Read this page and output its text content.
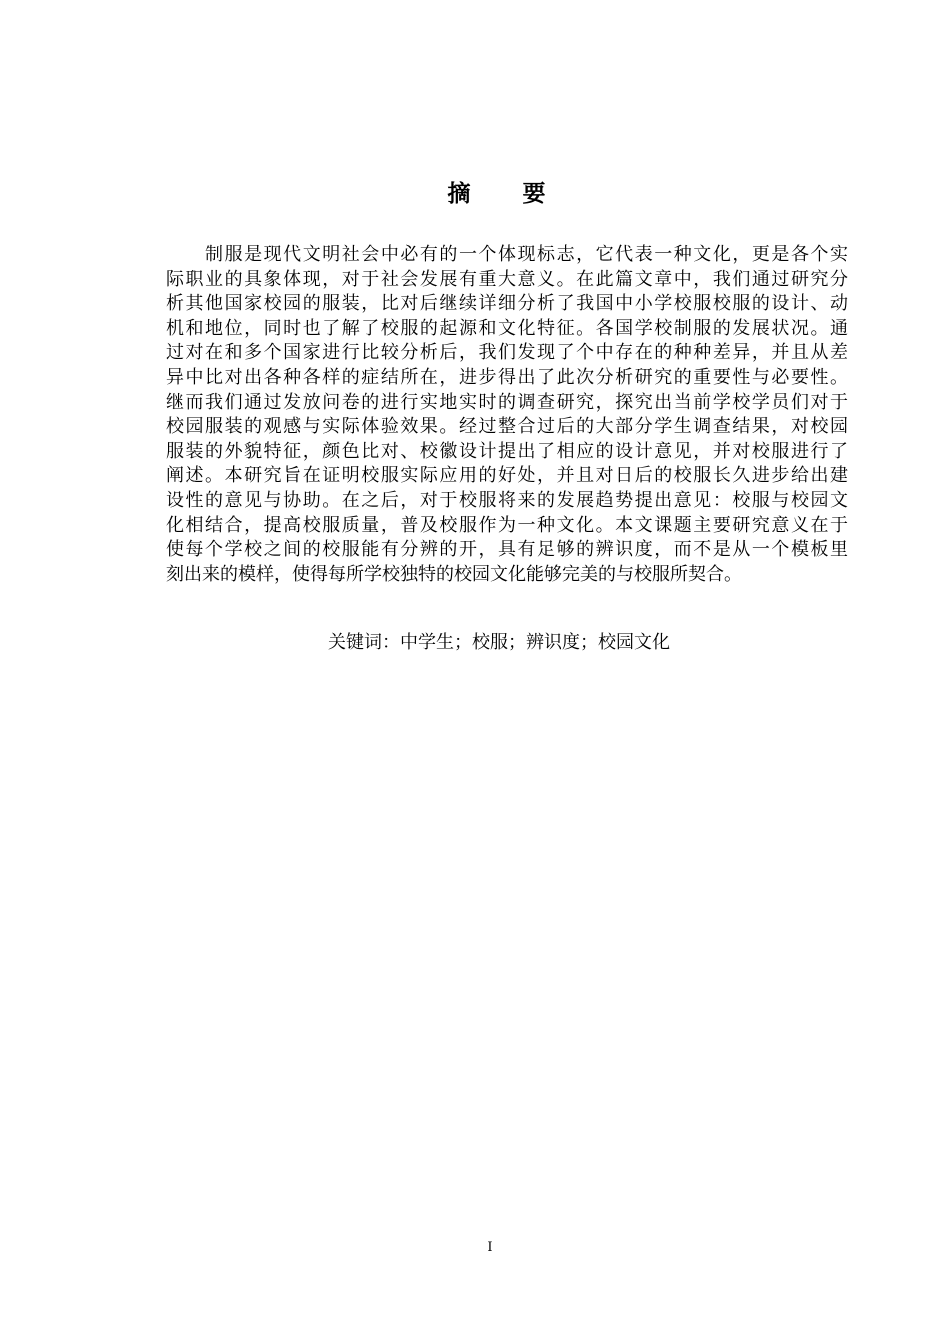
摘 要
　　制服是现代文明社会中必有的一个体现标志，它代表一种文化，更是各个实
际职业的具象体现，对于社会发展有重大意义。在此篇文章中，我们通过研究分
析其他国家校园的服装，比对后继续详细分析了我国中小学校服校服的设计、动
机和地位，同时也了解了校服的起源和文化特征。各国学校制服的发展状况。通
过对在和多个国家进行比较分析后，我们发现了个中存在的种种差异，并且从差
异中比对出各种各样的症结所在，进步得出了此次分析研究的重要性与必要性。
继而我们通过发放问卷的进行实地实时的调查研究，探究出当前学校学员们对于
校园服装的观感与实际体验效果。经过整合过后的大部分学生调查结果，对校园
服装的外貌特征，颜色比对、校徽设计提出了相应的设计意见，并对校服进行了
阐述。本研究旨在证明校服实际应用的好处，并且对日后的校服长久进步给出建
设性的意见与协助。在之后，对于校服将来的发展趋势提出意见：校服与校园文
化相结合，提高校服质量，普及校服作为一种文化。本文课题主要研究意义在于
使每个学校之间的校服能有分辨的开，具有足够的辨识度，而不是从一个模板里
刻出来的模样，使得每所学校独特的校园文化能够完美的与校服所契合。
关键词：中学生；校服；辨识度；校园文化
I
